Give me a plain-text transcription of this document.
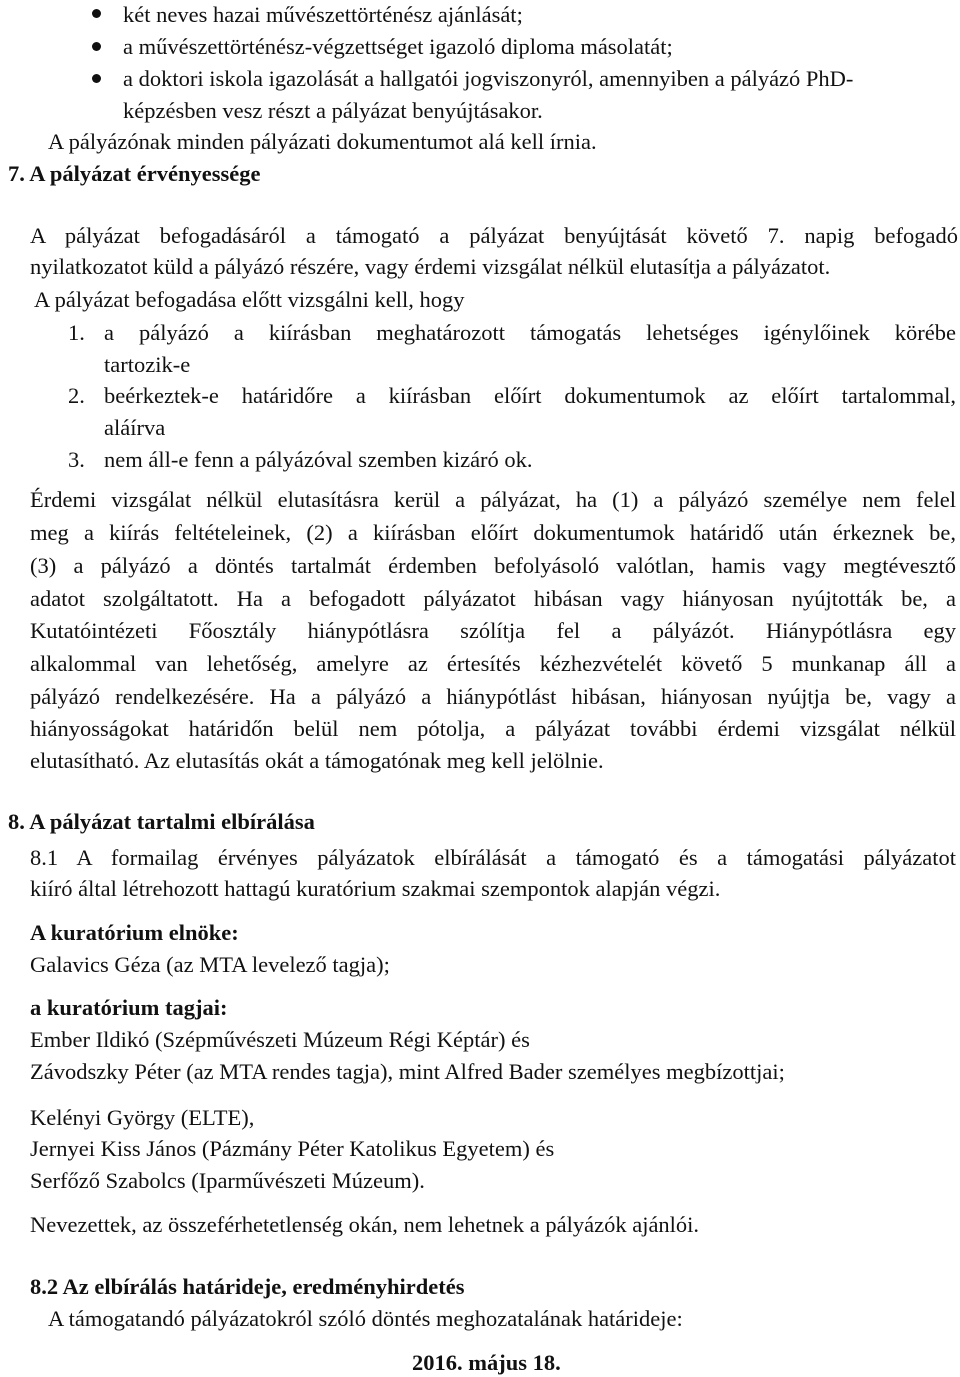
két neves hazai művészettörténész ajánlását;
a művészettörténész-végzettséget igazoló diploma másolatát;
a doktori iskola igazolását a hallgatói jogviszonyról, amennyiben a pályázó PhD-
képzésben vesz részt a pályázat benyújtásakor.
A pályázónak minden pályázati dokumentumot alá kell írnia.
7. A pályázat érvényessége
A pályázat befogadásáról a támogató a pályázat benyújtását követő 7. napig befogadó
nyilatkozatot küld a pályázó részére, vagy érdemi vizsgálat nélkül elutasítja a pályázatot.
A pályázat befogadása előtt vizsgálni kell, hogy
1. a pályázó a kiírásban meghatározott támogatás lehetséges igénylőinek körébe
tartozik-e
2. beérkeztek-e határidőre a kiírásban előírt dokumentumok az előírt tartalommal,
aláírva
3. nem áll-e fenn a pályázóval szemben kizáró ok.
Érdemi vizsgálat nélkül elutasításra kerül a pályázat, ha (1) a pályázó személye nem felel
meg a kiírás feltételeinek, (2) a kiírásban előírt dokumentumok határidő után érkeznek be,
(3) a pályázó a döntés tartalmát érdemben befolyásoló valótlan, hamis vagy megtévesztő
adatot szolgáltatott. Ha a befogadott pályázatot hibásan vagy hiányosan nyújtották be, a
Kutatóintézeti Főosztály hiánypótlásra szólítja fel a pályázót. Hiánypótlásra egy
alkalommal van lehetőség, amelyre az értesítés kézhezvételét követő 5 munkanap áll a
pályázó rendelkezésére. Ha a pályázó a hiánypótlást hibásan, hiányosan nyújtja be, vagy a
hiányosságokat határidőn belül nem pótolja, a pályázat további érdemi vizsgálat nélkül
elutasítható. Az elutasítás okát a támogatónak meg kell jelölnie.
8. A pályázat tartalmi elbírálása
8.1 A formailag érvényes pályázatok elbírálását a támogató és a támogatási pályázatot
kiíró által létrehozott hattagú kuratórium szakmai szempontok alapján végzi.
A kuratórium elnöke:
Galavics Géza (az MTA levelező tagja);
a kuratórium tagjai:
Ember Ildikó (Szépművészeti Múzeum Régi Képtár) és
Závodszky Péter (az MTA rendes tagja), mint Alfred Bader személyes megbízottjai;
Kelényi György (ELTE),
Jernyei Kiss János (Pázmány Péter Katolikus Egyetem) és
Serfőző Szabolcs (Iparművészeti Múzeum).
Nevezettek, az összeférhetetlenség okán, nem lehetnek a pályázók ajánlói.
8.2 Az elbírálás határideje, eredményhirdetés
A támogatandó pályázatokról szóló döntés meghozatalának határideje:
2016. május 18.
